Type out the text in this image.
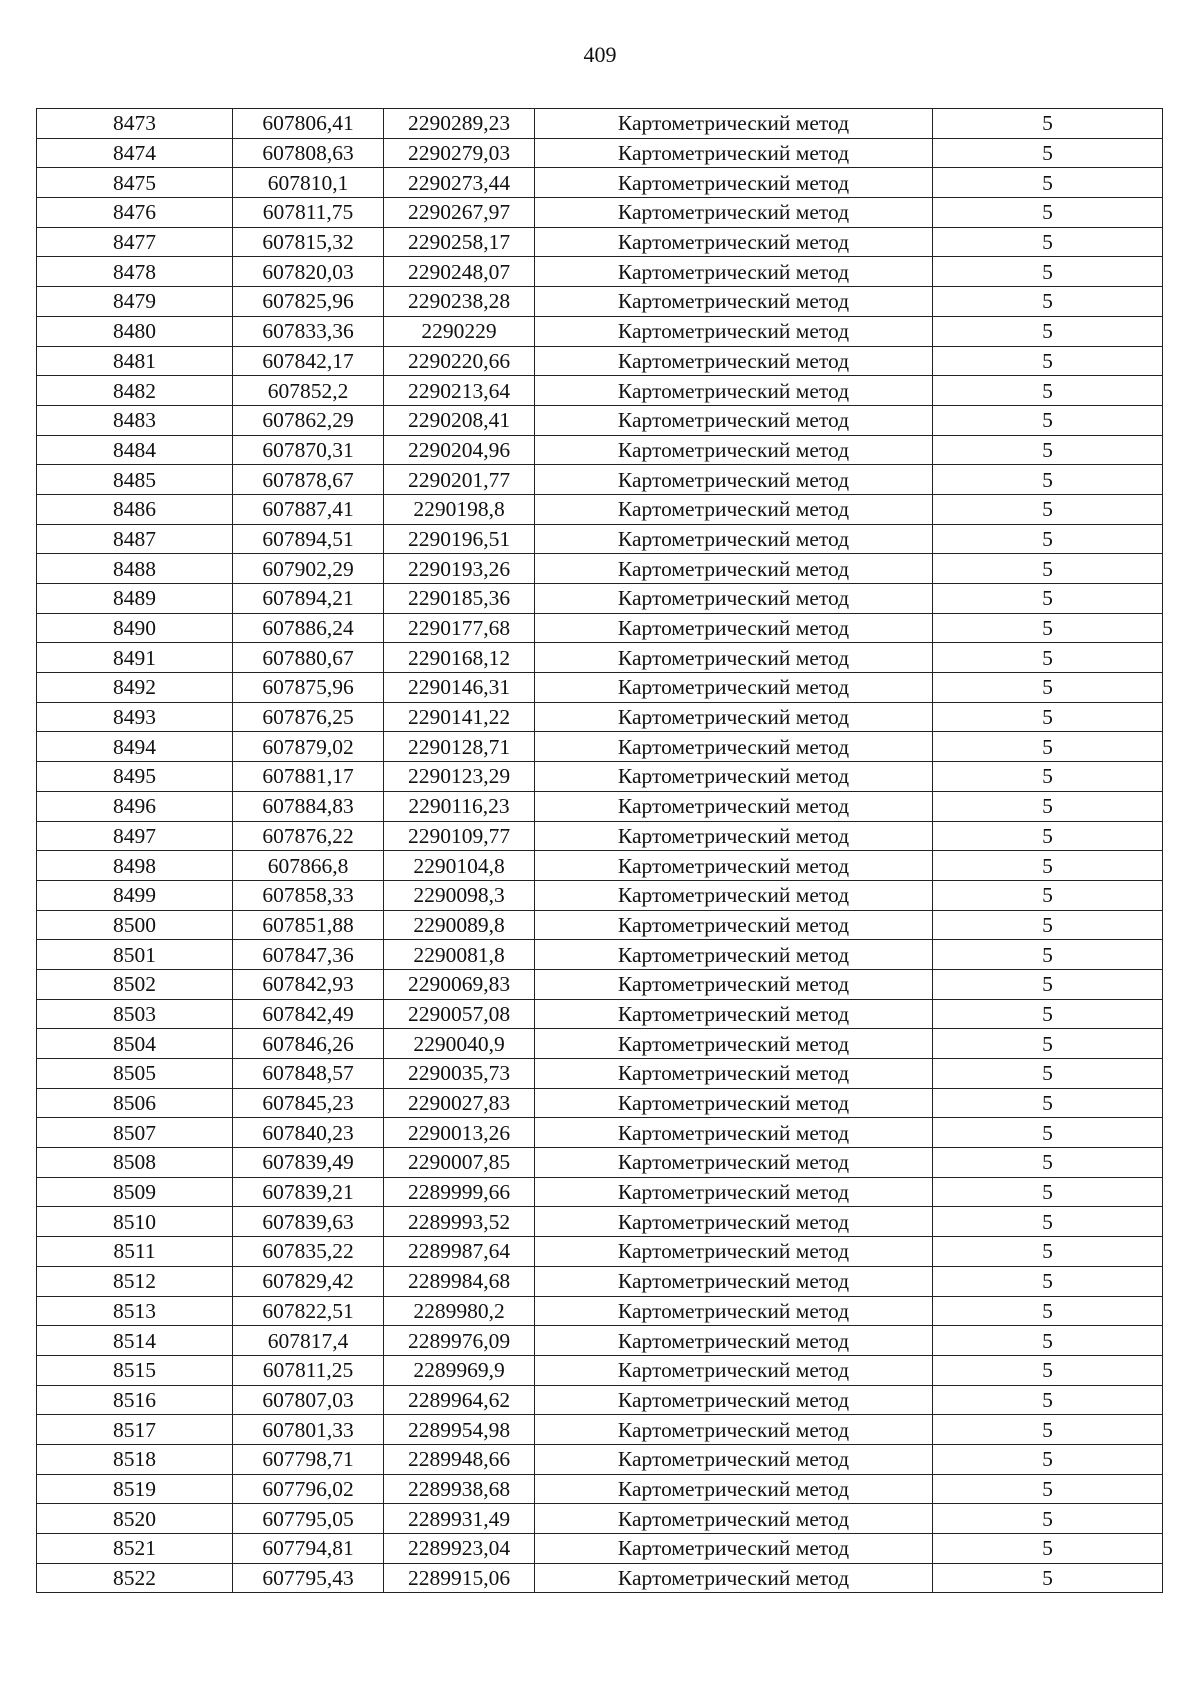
409
8473	607806,41	2290289,23	Картометрический метод	5
8474	607808,63	2290279,03	Картометрический метод	5
8475	607810,1	2290273,44	Картометрический метод	5
8476	607811,75	2290267,97	Картометрический метод	5
8477	607815,32	2290258,17	Картометрический метод	5
8478	607820,03	2290248,07	Картометрический метод	5
8479	607825,96	2290238,28	Картометрический метод	5
8480	607833,36	2290229	Картометрический метод	5
8481	607842,17	2290220,66	Картометрический метод	5
8482	607852,2	2290213,64	Картометрический метод	5
8483	607862,29	2290208,41	Картометрический метод	5
8484	607870,31	2290204,96	Картометрический метод	5
8485	607878,67	2290201,77	Картометрический метод	5
8486	607887,41	2290198,8	Картометрический метод	5
8487	607894,51	2290196,51	Картометрический метод	5
8488	607902,29	2290193,26	Картометрический метод	5
8489	607894,21	2290185,36	Картометрический метод	5
8490	607886,24	2290177,68	Картометрический метод	5
8491	607880,67	2290168,12	Картометрический метод	5
8492	607875,96	2290146,31	Картометрический метод	5
8493	607876,25	2290141,22	Картометрический метод	5
8494	607879,02	2290128,71	Картометрический метод	5
8495	607881,17	2290123,29	Картометрический метод	5
8496	607884,83	2290116,23	Картометрический метод	5
8497	607876,22	2290109,77	Картометрический метод	5
8498	607866,8	2290104,8	Картометрический метод	5
8499	607858,33	2290098,3	Картометрический метод	5
8500	607851,88	2290089,8	Картометрический метод	5
8501	607847,36	2290081,8	Картометрический метод	5
8502	607842,93	2290069,83	Картометрический метод	5
8503	607842,49	2290057,08	Картометрический метод	5
8504	607846,26	2290040,9	Картометрический метод	5
8505	607848,57	2290035,73	Картометрический метод	5
8506	607845,23	2290027,83	Картометрический метод	5
8507	607840,23	2290013,26	Картометрический метод	5
8508	607839,49	2290007,85	Картометрический метод	5
8509	607839,21	2289999,66	Картометрический метод	5
8510	607839,63	2289993,52	Картометрический метод	5
8511	607835,22	2289987,64	Картометрический метод	5
8512	607829,42	2289984,68	Картометрический метод	5
8513	607822,51	2289980,2	Картометрический метод	5
8514	607817,4	2289976,09	Картометрический метод	5
8515	607811,25	2289969,9	Картометрический метод	5
8516	607807,03	2289964,62	Картометрический метод	5
8517	607801,33	2289954,98	Картометрический метод	5
8518	607798,71	2289948,66	Картометрический метод	5
8519	607796,02	2289938,68	Картометрический метод	5
8520	607795,05	2289931,49	Картометрический метод	5
8521	607794,81	2289923,04	Картометрический метод	5
8522	607795,43	2289915,06	Картометрический метод	5
